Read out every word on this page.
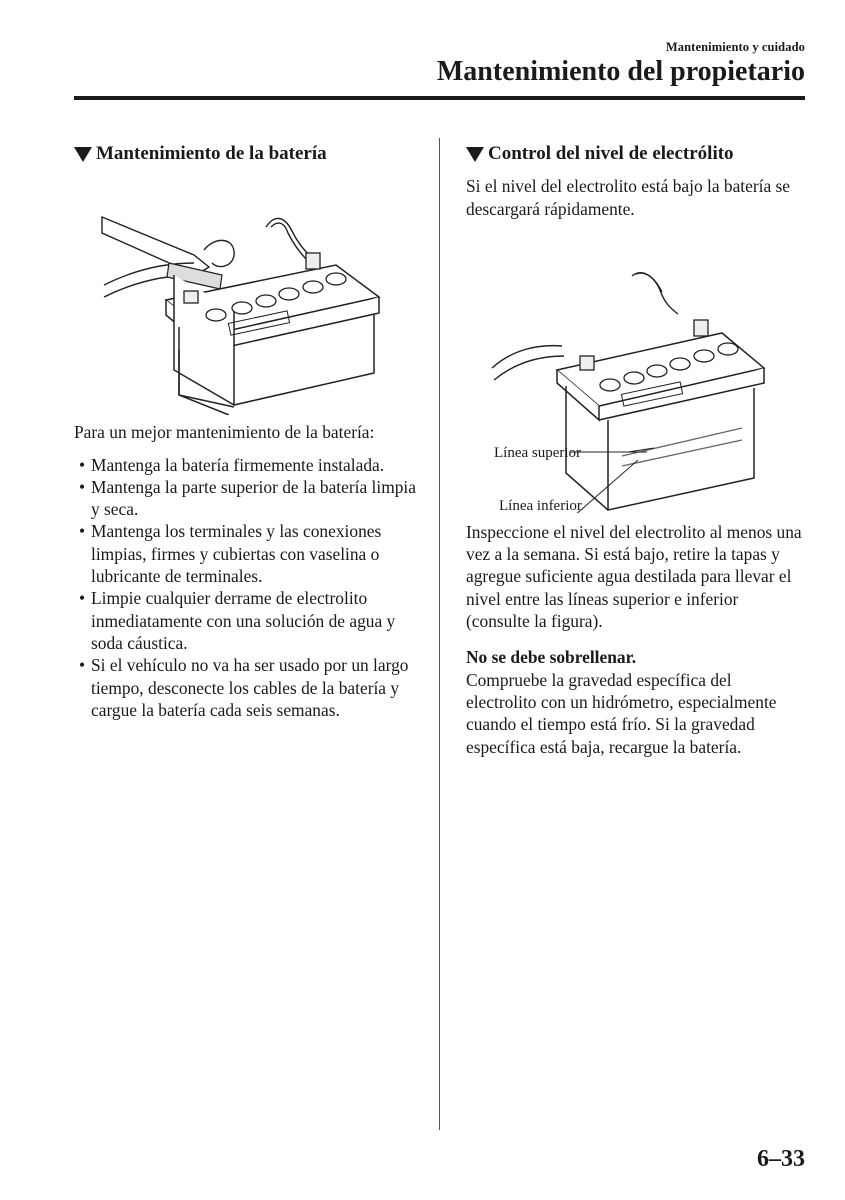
Mantenimiento y cuidado
Mantenimiento del propietario
Mantenimiento de la batería

Para un mejor mantenimiento de la batería:

• Mantenga la batería firmemente instalada.
• Mantenga la parte superior de la batería limpia y seca.
• Mantenga los terminales y las conexiones limpias, firmes y cubiertas con vaselina o lubricante de terminales.
• Limpie cualquier derrame de electrolito inmediatamente con una solución de agua y soda cáustica.
• Si el vehículo no va ha ser usado por un largo tiempo, desconecte los cables de la batería y cargue la batería cada seis semanas.
Control del nivel de electrólito

Si el nivel del electrolito está bajo la batería se descargará rápidamente.

Línea superior
Línea inferior

Inspeccione el nivel del electrolito al menos una vez a la semana. Si está bajo, retire la tapas y agregue suficiente agua destilada para llevar el nivel entre las líneas superior e inferior (consulte la figura).

No se debe sobrellenar.

Compruebe la gravedad específica del electrolito con un hidrómetro, especialmente cuando el tiempo está frío. Si la gravedad específica está baja, recargue la batería.

6–33
